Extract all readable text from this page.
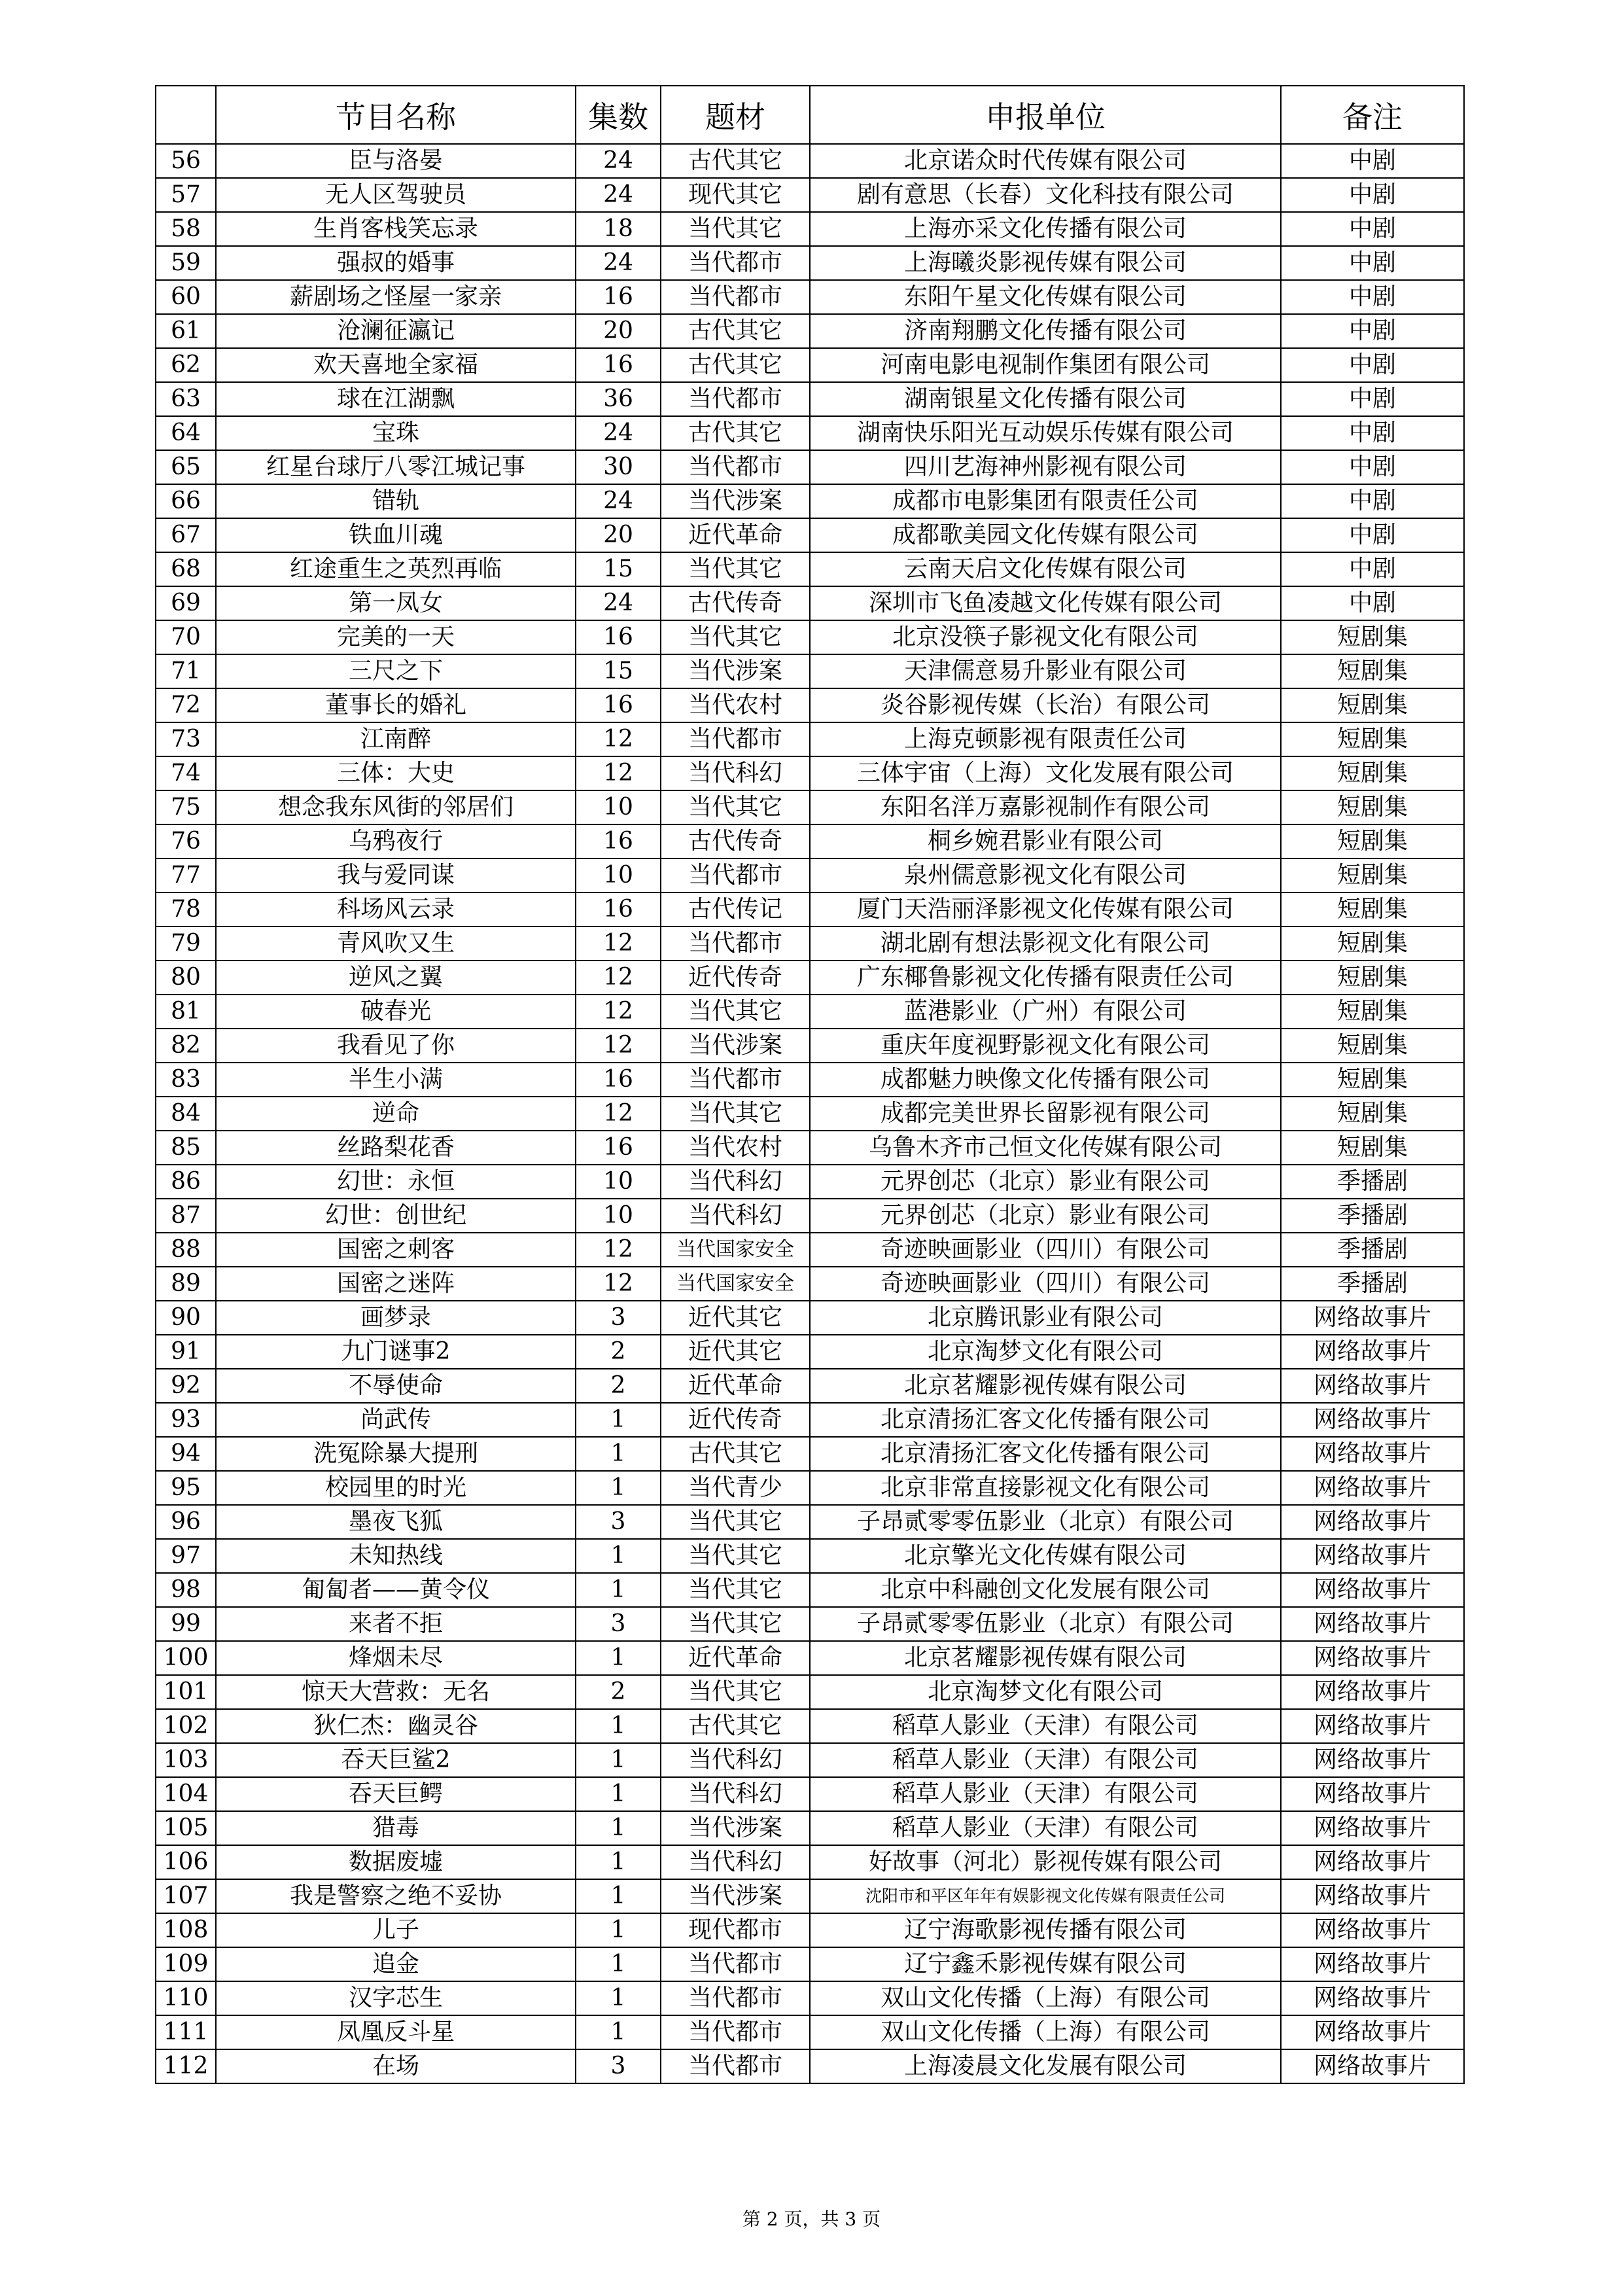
	节目名称	集数	题材	申报单位	备注
56	臣与洛晏	24	古代其它	北京诺众时代传媒有限公司	中剧
57	无人区驾驶员	24	现代其它	剧有意思（长春）文化科技有限公司	中剧
58	生肖客栈笑忘录	18	当代其它	上海亦采文化传播有限公司	中剧
59	强叔的婚事	24	当代都市	上海曦炎影视传媒有限公司	中剧
60	薪剧场之怪屋一家亲	16	当代都市	东阳午星文化传媒有限公司	中剧
61	沧澜征瀛记	20	古代其它	济南翔鹏文化传播有限公司	中剧
62	欢天喜地全家福	16	古代其它	河南电影电视制作集团有限公司	中剧
63	球在江湖飘	36	当代都市	湖南银星文化传播有限公司	中剧
64	宝珠	24	古代其它	湖南快乐阳光互动娱乐传媒有限公司	中剧
65	红星台球厅八零江城记事	30	当代都市	四川艺海神州影视有限公司	中剧
66	错轨	24	当代涉案	成都市电影集团有限责任公司	中剧
67	铁血川魂	20	近代革命	成都歌美园文化传媒有限公司	中剧
68	红途重生之英烈再临	15	当代其它	云南天启文化传媒有限公司	中剧
69	第一凤女	24	古代传奇	深圳市飞鱼凌越文化传媒有限公司	中剧
70	完美的一天	16	当代其它	北京没筷子影视文化有限公司	短剧集
71	三尺之下	15	当代涉案	天津儒意易升影业有限公司	短剧集
72	董事长的婚礼	16	当代农村	炎谷影视传媒（长治）有限公司	短剧集
73	江南醉	12	当代都市	上海克顿影视有限责任公司	短剧集
74	三体：大史	12	当代科幻	三体宇宙（上海）文化发展有限公司	短剧集
75	想念我东风街的邻居们	10	当代其它	东阳名洋万嘉影视制作有限公司	短剧集
76	乌鸦夜行	16	古代传奇	桐乡婉君影业有限公司	短剧集
77	我与爱同谋	10	当代都市	泉州儒意影视文化有限公司	短剧集
78	科场风云录	16	古代传记	厦门天浩丽泽影视文化传媒有限公司	短剧集
79	青风吹又生	12	当代都市	湖北剧有想法影视文化有限公司	短剧集
80	逆风之翼	12	近代传奇	广东椰鲁影视文化传播有限责任公司	短剧集
81	破春光	12	当代其它	蓝港影业（广州）有限公司	短剧集
82	我看见了你	12	当代涉案	重庆年度视野影视文化有限公司	短剧集
83	半生小满	16	当代都市	成都魅力映像文化传播有限公司	短剧集
84	逆命	12	当代其它	成都完美世界长留影视有限公司	短剧集
85	丝路梨花香	16	当代农村	乌鲁木齐市己恒文化传媒有限公司	短剧集
86	幻世：永恒	10	当代科幻	元界创芯（北京）影业有限公司	季播剧
87	幻世：创世纪	10	当代科幻	元界创芯（北京）影业有限公司	季播剧
88	国密之刺客	12	当代国家安全	奇迹映画影业（四川）有限公司	季播剧
89	国密之迷阵	12	当代国家安全	奇迹映画影业（四川）有限公司	季播剧
90	画梦录	3	近代其它	北京腾讯影业有限公司	网络故事片
91	九门谜事2	2	近代其它	北京淘梦文化有限公司	网络故事片
92	不辱使命	2	近代革命	北京茗耀影视传媒有限公司	网络故事片
93	尚武传	1	近代传奇	北京清扬汇客文化传播有限公司	网络故事片
94	洗冤除暴大提刑	1	古代其它	北京清扬汇客文化传播有限公司	网络故事片
95	校园里的时光	1	当代青少	北京非常直接影视文化有限公司	网络故事片
96	墨夜飞狐	3	当代其它	子昂贰零零伍影业（北京）有限公司	网络故事片
97	未知热线	1	当代其它	北京擎光文化传媒有限公司	网络故事片
98	匍匐者——黄令仪	1	当代其它	北京中科融创文化发展有限公司	网络故事片
99	来者不拒	3	当代其它	子昂贰零零伍影业（北京）有限公司	网络故事片
100	烽烟未尽	1	近代革命	北京茗耀影视传媒有限公司	网络故事片
101	惊天大营救：无名	2	当代其它	北京淘梦文化有限公司	网络故事片
102	狄仁杰：幽灵谷	1	古代其它	稻草人影业（天津）有限公司	网络故事片
103	吞天巨鲨2	1	当代科幻	稻草人影业（天津）有限公司	网络故事片
104	吞天巨鳄	1	当代科幻	稻草人影业（天津）有限公司	网络故事片
105	猎毒	1	当代涉案	稻草人影业（天津）有限公司	网络故事片
106	数据废墟	1	当代科幻	好故事（河北）影视传媒有限公司	网络故事片
107	我是警察之绝不妥协	1	当代涉案	沈阳市和平区年年有娱影视文化传媒有限责任公司	网络故事片
108	儿子	1	现代都市	辽宁海歌影视传播有限公司	网络故事片
109	追金	1	当代都市	辽宁鑫禾影视传媒有限公司	网络故事片
110	汉字芯生	1	当代都市	双山文化传播（上海）有限公司	网络故事片
111	凤凰反斗星	1	当代都市	双山文化传播（上海）有限公司	网络故事片
112	在场	3	当代都市	上海凌晨文化发展有限公司	网络故事片
第 2 页，共 3 页
